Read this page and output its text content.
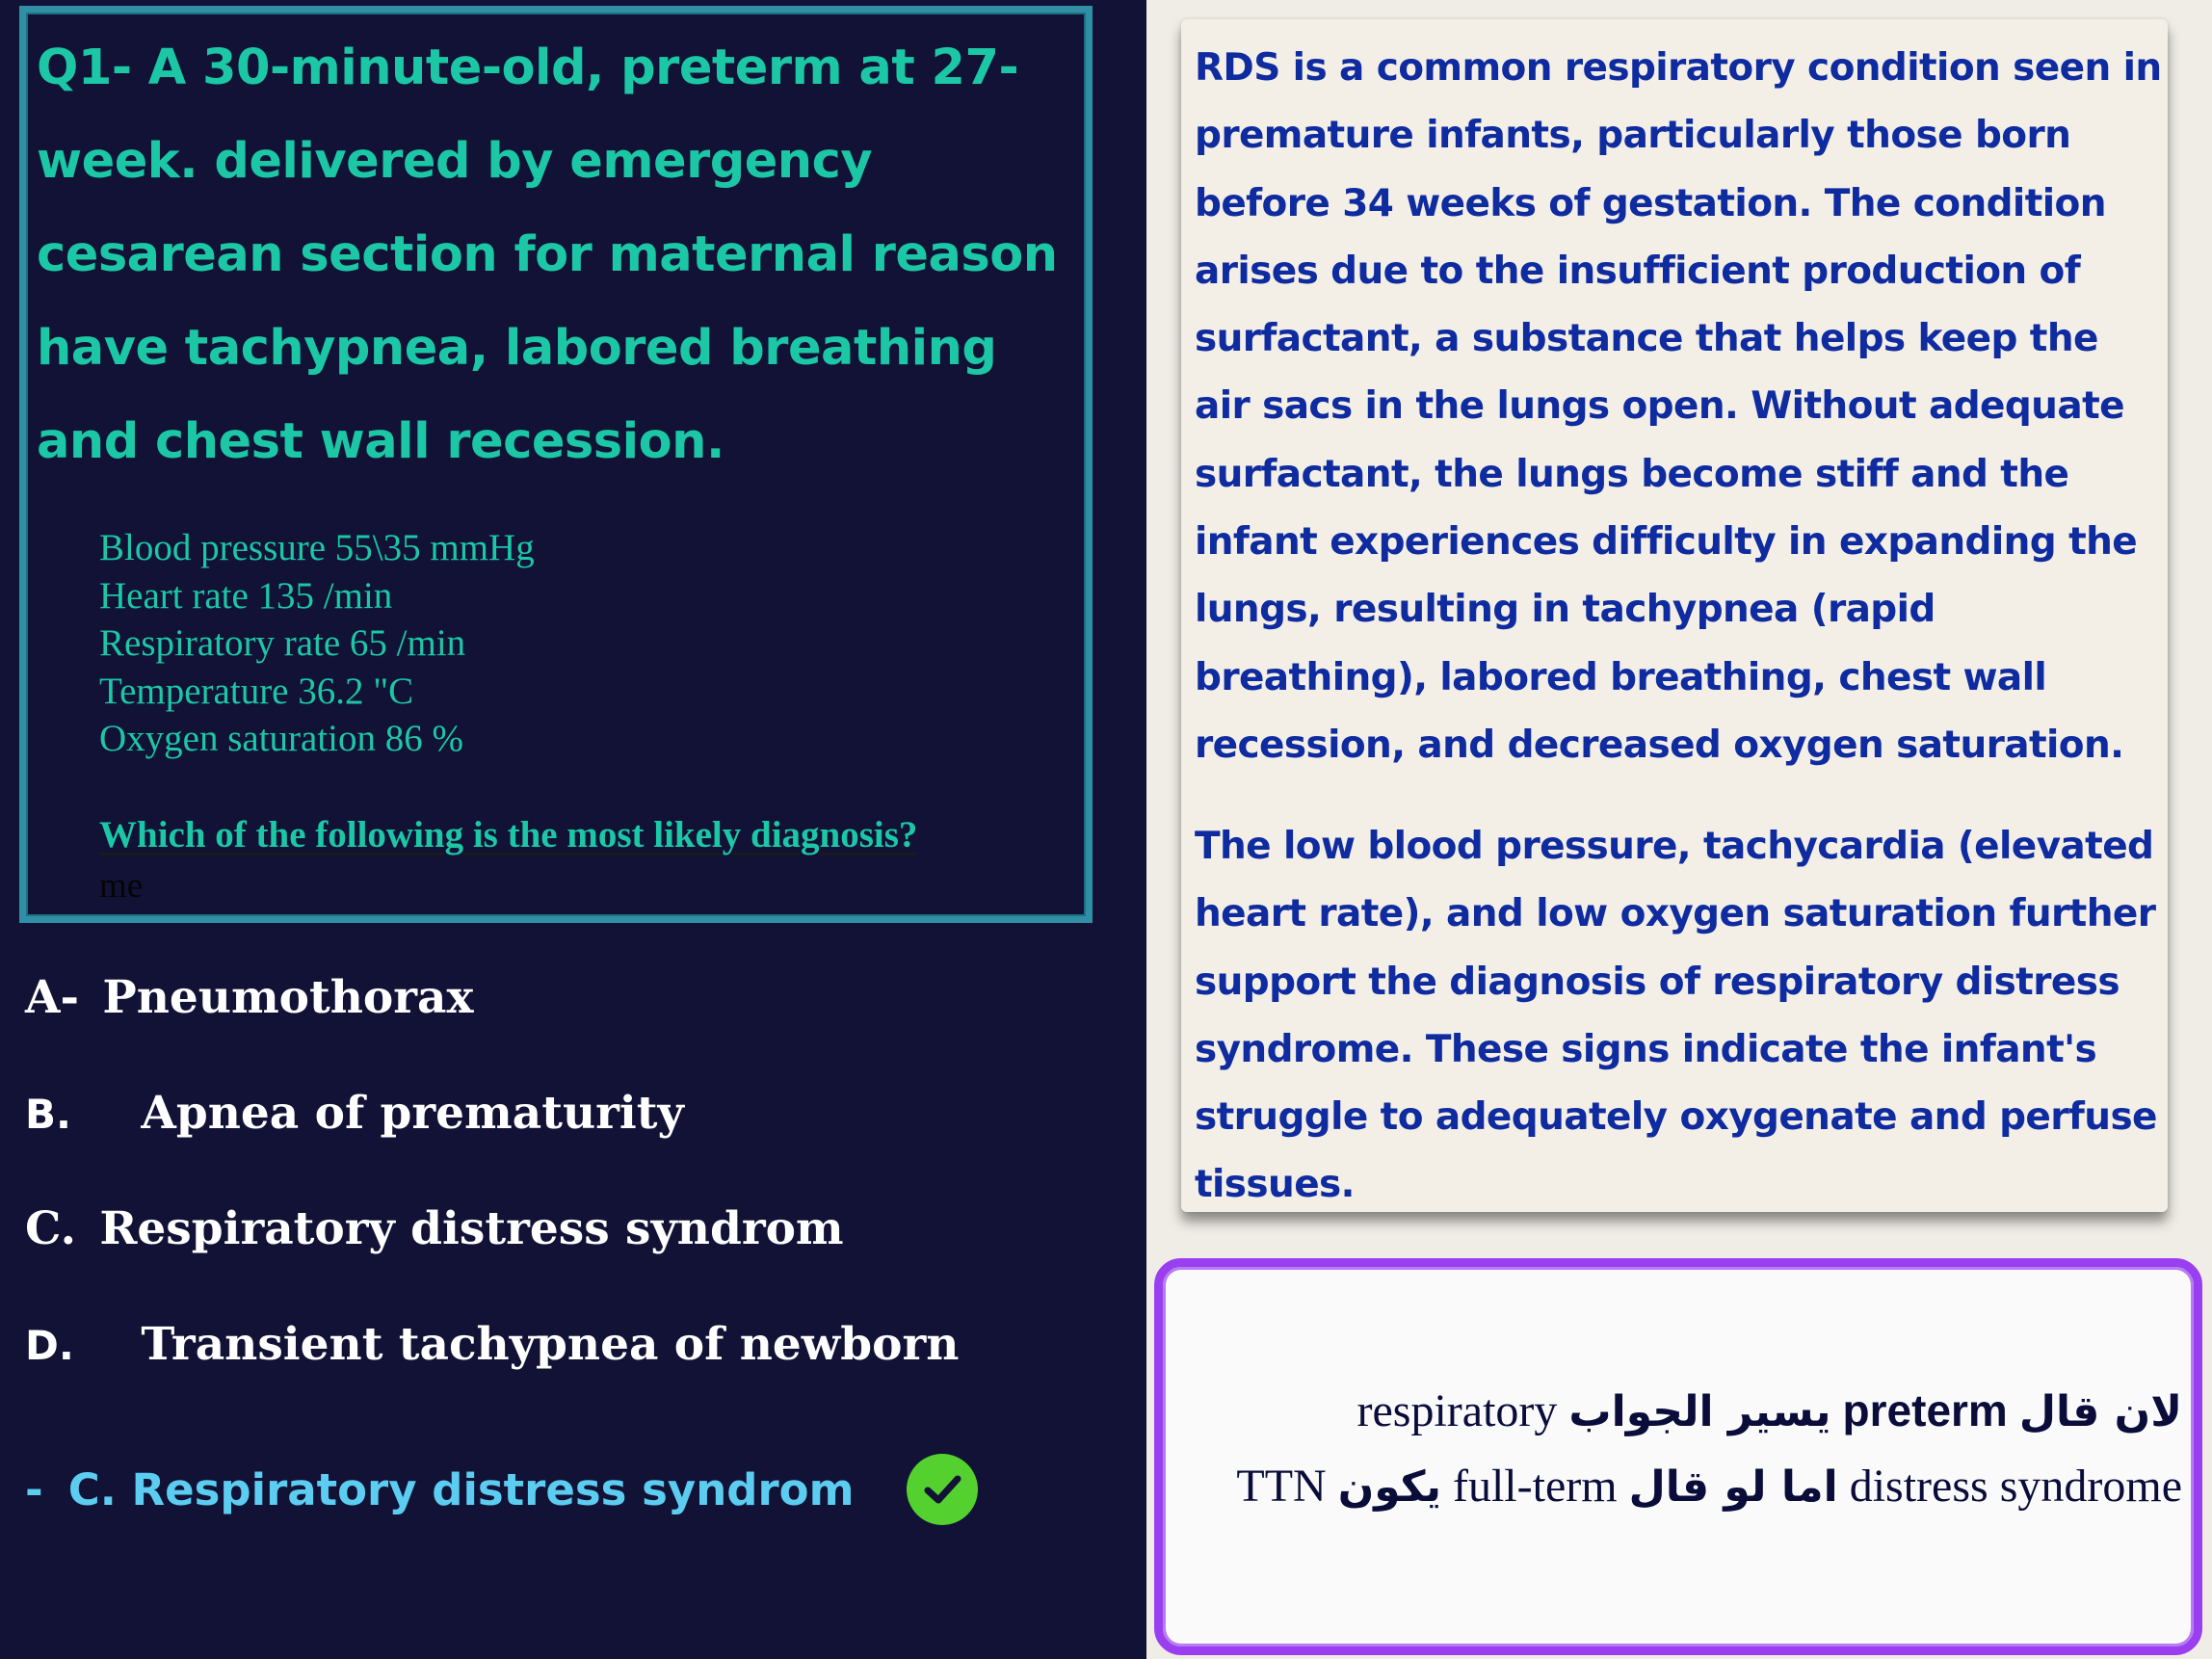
Q1- A 30-minute-old, preterm at 27-week. delivered by emergency cesarean section for maternal reason have tachypnea, labored breathing and chest wall recession.

Blood pressure 55\35 mmHg
Heart rate 135 /min
Respiratory rate 65 /min
Temperature 36.2 "C
Oxygen saturation 86 %

Which of the following is the most likely diagnosis?

me
A- Pneumothorax
B. Apnea of prematurity
C. Respiratory distress syndrom
D. Transient tachypnea of newborn
- C. Respiratory distress syndrom

RDS is a common respiratory condition seen in premature infants, particularly those born before 34 weeks of gestation. The condition arises due to the insufficient production of surfactant, a substance that helps keep the air sacs in the lungs open. Without adequate surfactant, the lungs become stiff and the infant experiences difficulty in expanding the lungs, resulting in tachypnea (rapid breathing), labored breathing, chest wall recession, and decreased oxygen saturation.

The low blood pressure, tachycardia (elevated heart rate), and low oxygen saturation further support the diagnosis of respiratory distress syndrome. These signs indicate the infant's struggle to adequately oxygenate and perfuse tissues.

لان قال preterm يسير الجواب respiratory
distress syndrome اما لو قال full-term يكون TTN
